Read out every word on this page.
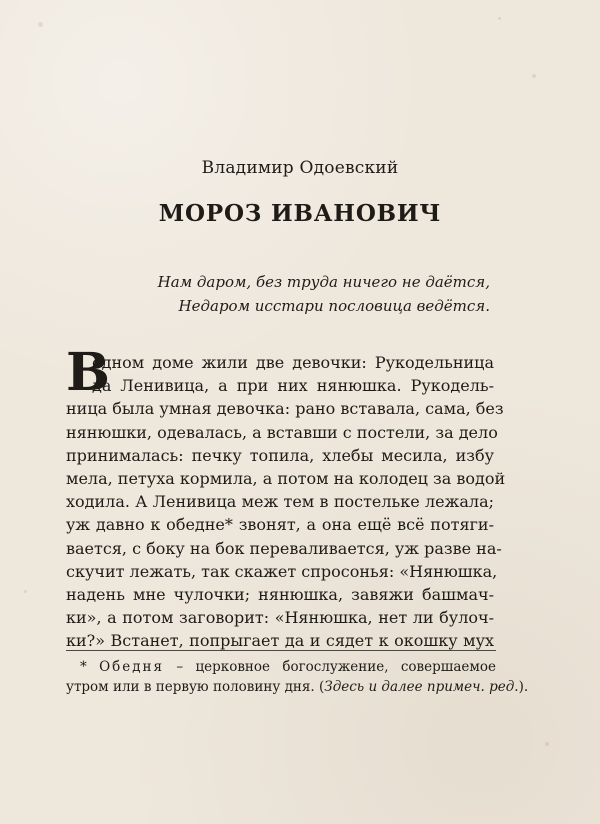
Владимир Одоевский
МОРОЗ ИВАНОВИЧ
Нам даром, без труда ничего не даётся,
Недаром исстари пословица ведётся.
В
одном доме жили две девочки: Рукодельница
да Ленивица, а при них нянюшка. Рукодель-
ница была умная девочка: рано вставала, сама, без
нянюшки, одевалась, а вставши с постели, за дело
принималась: печку топила, хлебы месила, избу
мела, петуха кормила, а потом на колодец за водой
ходила. А Ленивица меж тем в постельке лежала;
уж давно к обедне* звонят, а она ещё всё потяги-
вается, с боку на бок переваливается, уж разве на-
скучит лежать, так скажет спросонья: «Нянюшка,
надень мне чулочки; нянюшка, завяжи башмач-
ки», а потом заговорит: «Нянюшка, нет ли булоч-
ки?» Встанет, попрыгает да и сядет к окошку мух
* Обедня – церковное богослужение, совершаемое
утром или в первую половину дня. (Здесь и далее примеч. ред.).
